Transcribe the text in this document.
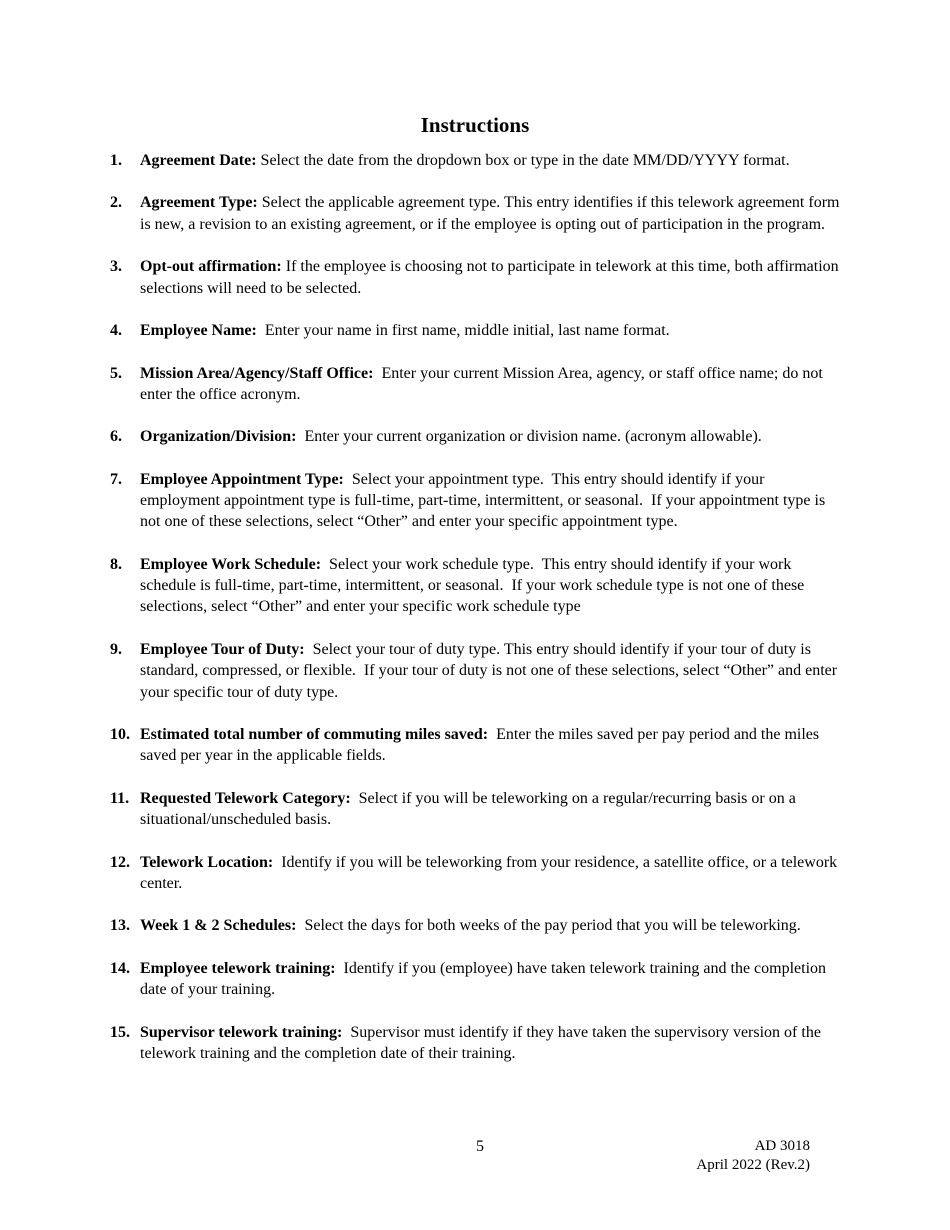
Instructions
1.	Agreement Date: Select the date from the dropdown box or type in the date MM/DD/YYYY format.
2.	Agreement Type: Select the applicable agreement type. This entry identifies if this telework agreement form is new, a revision to an existing agreement, or if the employee is opting out of participation in the program.
3.	Opt-out affirmation: If the employee is choosing not to participate in telework at this time, both affirmation selections will need to be selected.
4.	Employee Name:  Enter your name in first name, middle initial, last name format.
5.	Mission Area/Agency/Staff Office:  Enter your current Mission Area, agency, or staff office name; do not enter the office acronym.
6.	Organization/Division:  Enter your current organization or division name. (acronym allowable).
7.	Employee Appointment Type:  Select your appointment type.  This entry should identify if your employment appointment type is full-time, part-time, intermittent, or seasonal.  If your appointment type is not one of these selections, select “Other” and enter your specific appointment type.
8.	Employee Work Schedule:  Select your work schedule type.  This entry should identify if your work schedule is full-time, part-time, intermittent, or seasonal.  If your work schedule type is not one of these selections, select “Other” and enter your specific work schedule type
9.	Employee Tour of Duty:  Select your tour of duty type. This entry should identify if your tour of duty is standard, compressed, or flexible.  If your tour of duty is not one of these selections, select “Other” and enter your specific tour of duty type.
10. Estimated total number of commuting miles saved:  Enter the miles saved per pay period and the miles saved per year in the applicable fields.
11. Requested Telework Category:  Select if you will be teleworking on a regular/recurring basis or on a situational/unscheduled basis.
12. Telework Location:  Identify if you will be teleworking from your residence, a satellite office, or a telework center.
13. Week 1 & 2 Schedules:  Select the days for both weeks of the pay period that you will be teleworking.
14. Employee telework training:  Identify if you (employee) have taken telework training and the completion date of your training.
15. Supervisor telework training:  Supervisor must identify if they have taken the supervisory version of the telework training and the completion date of their training.
5	AD 3018
April 2022 (Rev.2)
